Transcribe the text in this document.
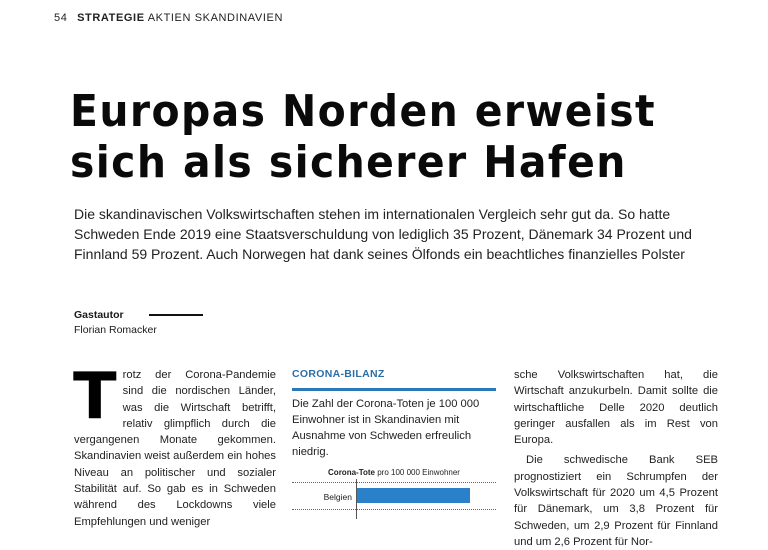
54 STRATEGIE AKTIEN SKANDINAVIEN
Europas Norden erweist sich als sicherer Hafen

Die skandinavischen Volkswirtschaften stehen im internationalen Vergleich sehr gut da. So hatte Schweden Ende 2019 eine Staatsverschuldung von lediglich 35 Prozent, Dänemark 34 Prozent und Finnland 59 Prozent. Auch Norwegen hat dank seines Ölfonds ein beachtliches finanzielles Polster

Gastautor
Florian Romacker
T rotz der Corona-Pandemie sind die nordischen Länder, was die Wirtschaft betrifft, relativ glimpflich durch die vergangenen Monate gekommen. Skandinavien weist außerdem ein hohes Niveau an politischer und sozialer Stabilität auf. So gab es in Schweden während des Lockdowns viele Empfehlungen und weniger
CORONA-BILANZ
Die Zahl der Corona-Toten je 100 000 Einwohner ist in Skandinavien mit Ausnahme von Schweden erfreulich niedrig.
Corona-Tote pro 100 000 Einwohner
Belgien

sche Volkswirtschaften hat, die Wirtschaft anzukurbeln. Damit sollte die wirtschaftliche Delle 2020 deutlich geringer ausfallen als im Rest von Europa.

Die schwedische Bank SEB prognostiziert ein Schrumpfen der Volkswirtschaft für 2020 um 4,5 Prozent für Dänemark, um 3,8 Prozent für Schweden, um 2,9 Prozent für Finnland und um 2,6 Prozent für Nor-
